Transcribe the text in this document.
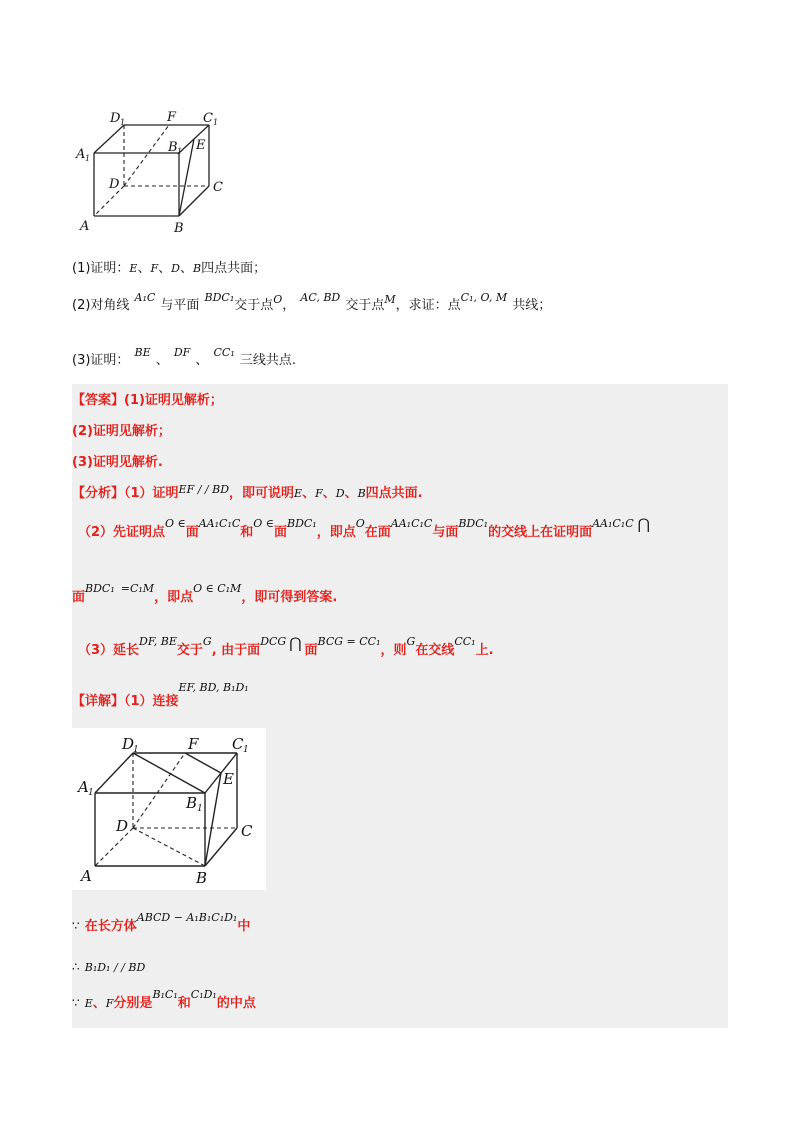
D 1	F C 1
A 1
B 1 E
D	C
A	B
(1)证明：E、F、D、B四点共面；
(2)对角线 $^{A_1C}$ 与平面 $^{BDC_1}$交于点$^O$， $^{AC, BD}$ 交于点$^M$，求证：点$^{C_1, O, M}$ 共线；
(3)证明： $^{BE}$ 、 $^{DF}$ 、 $^{CC_1}$ 三线共点.
【答案】(1)证明见解析；
(2)证明见解析；
(3)证明见解析.
【分析】（1）证明$^{EF / / BD}$，即可说明E、F、D、B四点共面.
（2）先证明点$^{O \in}$面$^{AA_1C_1C}$和$^{O \in}$面$^{BDC_1}$，即点$^O$在面$^{AA_1C_1C}$与面$^{BDC_1}$的交线上在证明面$^{AA_1C_1C}$ ⋂
面$^{BDC_1}$ $^{=C_1M}$，即点$^{O \in C_1M}$，即可得到答案.
（3）延长$^{DF, BE}$交于$^G$, 由于面$^{DCG}$ ⋂ 面$^{BCG = CC_1}$，则$^G$在交线$^{CC_1}$上.
【详解】（1）连接$^{EF, BD, B_1D_1}$
D
1	F C 1
A 1
B 1
E
D	C
A	B
∵ 在长方体$^{ABCD - A_1B_1C_1D_1}$中
∴ B₁D₁ / / BD
∵ E、F分别是$^{B_1C_1}$和$^{C_1D_1}$的中点
